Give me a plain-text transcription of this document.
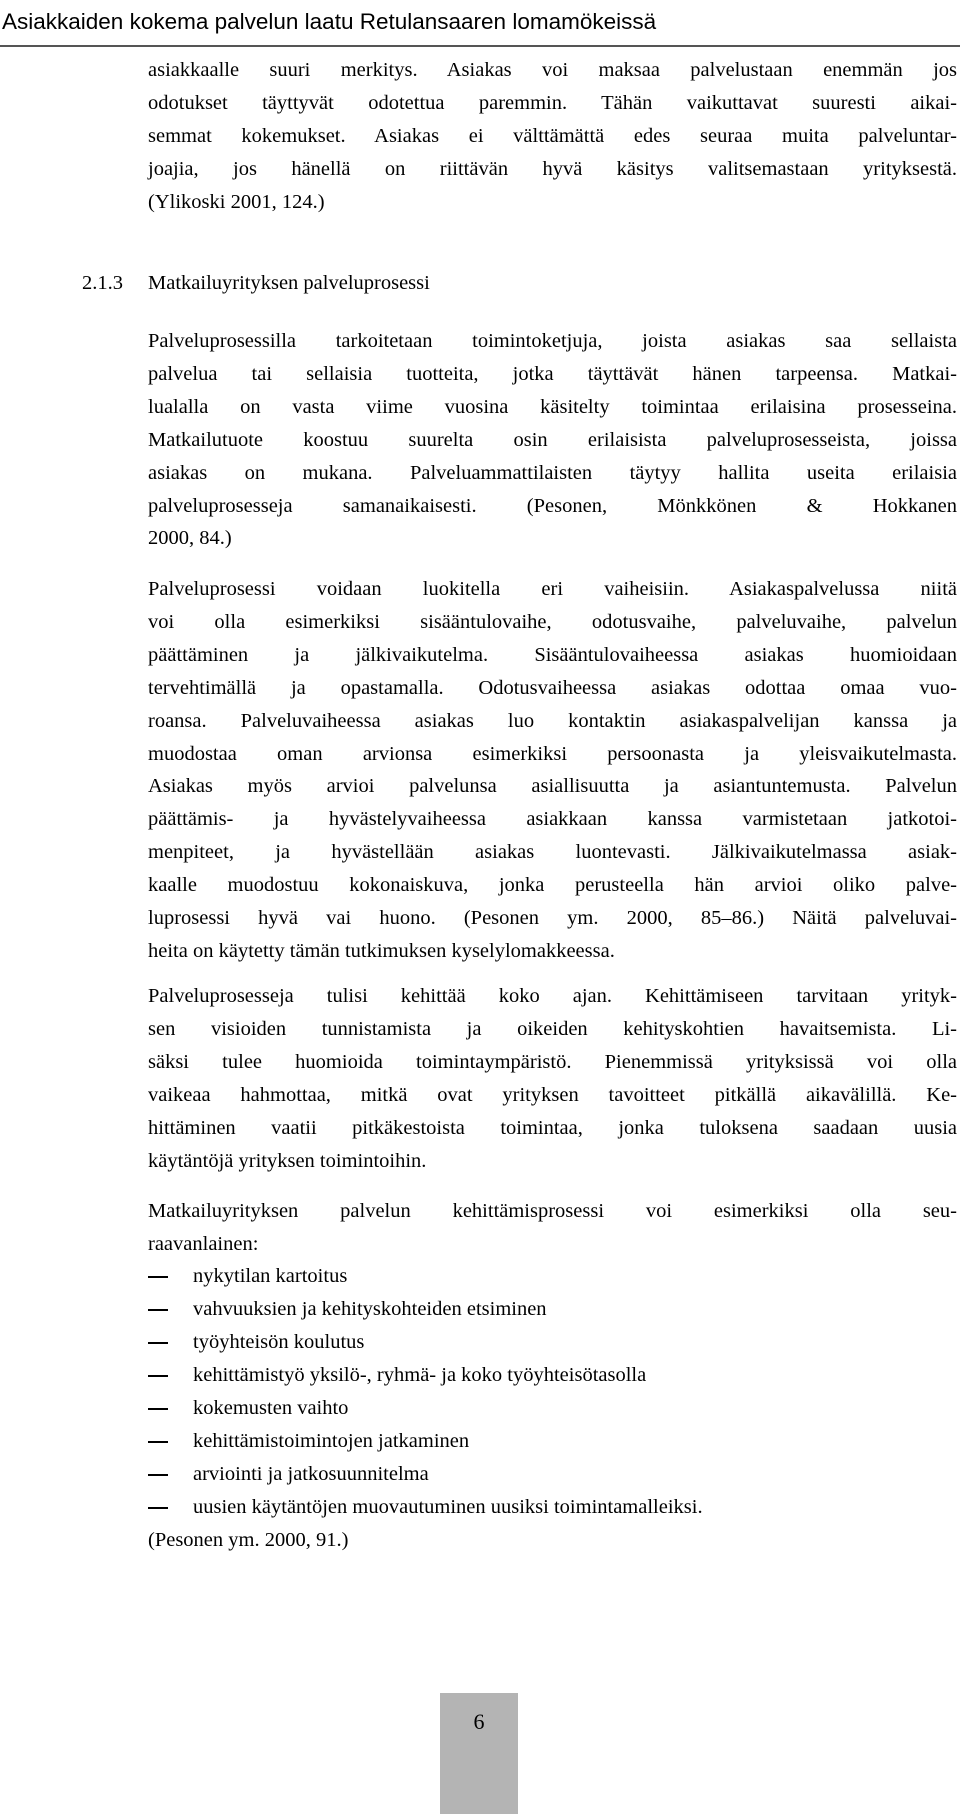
Asiakkaiden kokema palvelun laatu Retulansaaren lomamökeissä

asiakkaalle suuri merkitys. Asiakas voi maksaa palvelustaan enemmän jos
odotukset täyttyvät odotettua paremmin. Tähän vaikuttavat suuresti aikai-
semmat kokemukset. Asiakas ei välttämättä edes seuraa muita palveluntar-
joajia, jos hänellä on riittävän hyvä käsitys valitsemastaan yrityksestä.
(Ylikoski 2001, 124.)

2.1.3 Matkailuyrityksen palveluprosessi

Palveluprosessilla tarkoitetaan toimintoketjuja, joista asiakas saa sellaista
palvelua tai sellaisia tuotteita, jotka täyttävät hänen tarpeensa. Matkai-
lualalla on vasta viime vuosina käsitelty toimintaa erilaisina prosesseina.
Matkailutuote koostuu suurelta osin erilaisista palveluprosesseista, joissa
asiakas on mukana. Palveluammattilaisten täytyy hallita useita erilaisia
palveluprosesseja samanaikaisesti. (Pesonen, Mönkkönen & Hokkanen
2000, 84.)

Palveluprosessi voidaan luokitella eri vaiheisiin. Asiakaspalvelussa niitä
voi olla esimerkiksi sisääntulovaihe, odotusvaihe, palveluvaihe, palvelun
päättäminen ja jälkivaikutelma. Sisääntulovaiheessa asiakas huomioidaan
tervehtimällä ja opastamalla. Odotusvaiheessa asiakas odottaa omaa vuo-
roansa. Palveluvaiheessa asiakas luo kontaktin asiakaspalvelijan kanssa ja
muodostaa oman arvionsa esimerkiksi persoonasta ja yleisvaikutelmasta.
Asiakas myös arvioi palvelunsa asiallisuutta ja asiantuntemusta. Palvelun
päättämis- ja hyvästelyvaiheessa asiakkaan kanssa varmistetaan jatkotoi-
menpiteet, ja hyvästellään asiakas luontevasti. Jälkivaikutelmassa asiak-
kaalle muodostuu kokonaiskuva, jonka perusteella hän arvioi oliko palve-
luprosessi hyvä vai huono. (Pesonen ym. 2000, 85–86.) Näitä palveluvai-
heita on käytetty tämän tutkimuksen kyselylomakkeessa.

Palveluprosesseja tulisi kehittää koko ajan. Kehittämiseen tarvitaan yrityk-
sen visioiden tunnistamista ja oikeiden kehityskohtien havaitsemista. Li-
säksi tulee huomioida toimintaympäristö. Pienemmissä yrityksissä voi olla
vaikeaa hahmottaa, mitkä ovat yrityksen tavoitteet pitkällä aikavälillä. Ke-
hittäminen vaatii pitkäkestoista toimintaa, jonka tuloksena saadaan uusia
käytäntöjä yrityksen toimintoihin.

Matkailuyrityksen palvelun kehittämisprosessi voi esimerkiksi olla seu-
raavanlainen:

nykytilan kartoitus
vahvuuksien ja kehityskohteiden etsiminen
työyhteisön koulutus
kehittämistyö yksilö-, ryhmä- ja koko työyhteisötasolla
kokemusten vaihto
kehittämistoimintojen jatkaminen
arviointi ja jatkosuunnitelma
uusien käytäntöjen muovautuminen uusiksi toimintamalleiksi.

(Pesonen ym. 2000, 91.)

6
